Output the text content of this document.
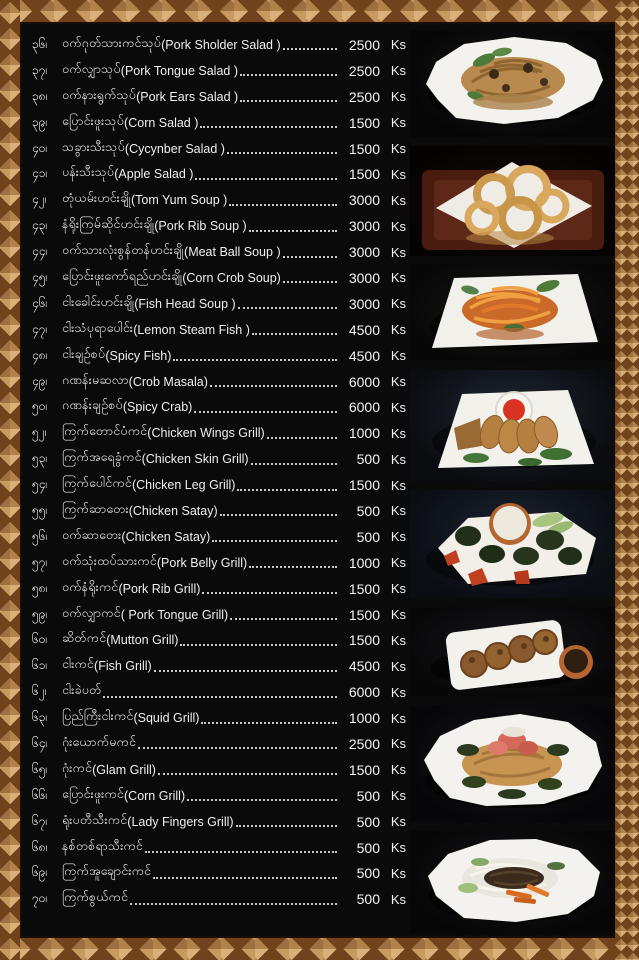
၃၆၊	ဝက်ဂုတ်သားကင်သုပ် (Pork Sholder Salad )	2500 Ks
၃၇၊	ဝက်လျှာသုပ် (Pork Tongue Salad )	2500 Ks
၃၈၊	ဝက်နားရွက်သုပ် (Pork Ears Salad )	2500 Ks
၃၉၊	ပြောင်းဖူးသုပ် (Corn Salad )	1500 Ks
၄ဝ၊	သခွားသီးသုပ် (Cycynber Salad )	1500 Ks
၄၁၊	ပန်းသီးသုပ် (Apple Salad )	1500 Ks
၄၂၊	တုံယမ်းဟင်းချို (Tom Yum Soup )	3000 Ks
၄၃၊	နံရိုးကြမ်ဆိုင်ဟင်းချို (Pork Rib Soup )	3000 Ks
၄၄၊	ဝက်သားလုံးစွန်တန်ဟင်းချို (Meat Ball Soup )	3000 Ks
၄၅၊	ပြောင်းဖူးကော်ရည်ဟင်းချို (Corn Crob Soup)	3000 Ks
၄၆၊	ငါးခေါင်းဟင်းချို (Fish Head Soup )	3000 Ks
၄၇၊	ငါးသံပုရာပေါင်း (Lemon Steam Fish )	4500 Ks
၄၈၊	ငါးချဉ်စပ် (Spicy Fish)	4500 Ks
၄၉၊	ဂဏန်းမဆလာ (Crob Masala)	6000 Ks
၅ဝ၊	ဂဏန်းချဉ်စပ် (Spicy Crab)	6000 Ks
၅၂၊	ကြက်တောင်ပံကင် (Chicken Wings Grill)	1000 Ks
၅၃၊	ကြက်အရေခွံကင် (Chicken Skin Grill)	500 Ks
၅၄၊	ကြက်ပေါင်ကင် (Chicken Leg Grill)	1500 Ks
၅၅၊	ကြက်ဆာတေး (Chicken Satay)	500 Ks
၅၆၊	ဝက်ဆာတေး (Chicken Satay)	500 Ks
၅၇၊	ဝက်သုံးထပ်သားကင် (Pork Belly Grill)	1000 Ks
၅၈၊	ဝက်နံရိုးကင် (Pork Rib Grill)	1500 Ks
၅၉၊	ဝက်လျှာကင် ( Pork Tongue Grill)	1500 Ks
၆ဝ၊	ဆိတ်ကင် (Mutton Grill)	1500 Ks
၆၁၊	ငါးကင် (Fish Grill)	4500 Ks
၆၂၊	ငါးခဲပတ်	6000 Ks
၆၃၊	ပြည်ကြီးငါးကင် (Squid Grill)	1000 Ks
၆၄၊	ဂုံးယောက်မကင်	2500 Ks
၆၅၊	ဂုံးကင် (Glam Grill)	1500 Ks
၆၆၊	ပြောင်းဖူးကင် (Corn Grill)	500 Ks
၆၇၊	ရုံးပတီသီးကင် (Lady Fingers Grill)	500 Ks
၆၈၊	နစ်တစ်ရာသီးကင်	500 Ks
၆၉၊	ကြက်အူချောင်းကင်	500 Ks
၇ဝ၊	ကြက်စွယ်ကင်	500 Ks
